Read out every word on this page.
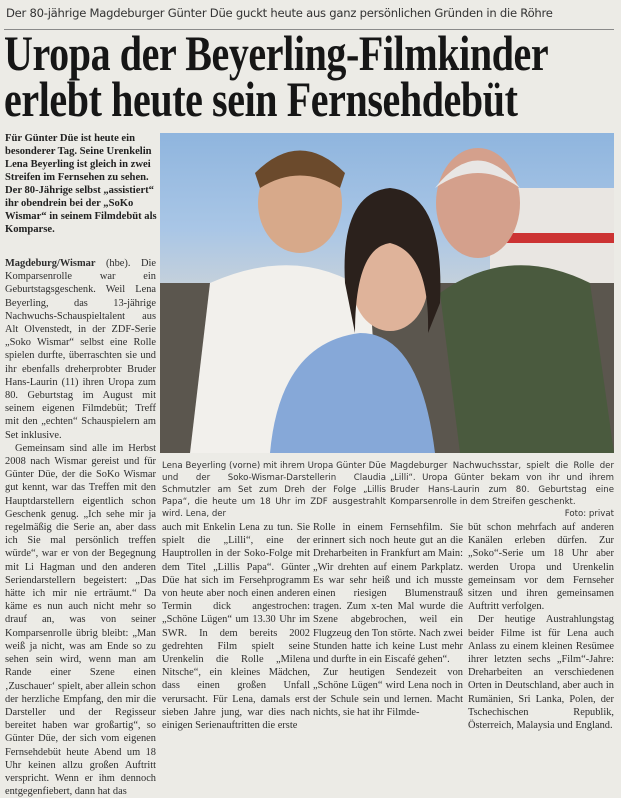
Der 80-jährige Magdeburger Günter Düe guckt heute aus ganz persönlichen Gründen in die Röhre
Uropa der Beyerling-Filmkinder
erlebt heute sein Fernsehdebüt
Für Günter Düe ist heute ein besonderer Tag. Seine Urenkelin Lena Beyerling ist gleich in zwei Streifen im Fernsehen zu sehen. Der 80-Jährige selbst „assistiert“ ihr obendrein bei der „SoKo Wismar“ in seinem Filmdebüt als Komparse.

Magdeburg/Wismar (hbe). Die Komparsenrolle war ein Geburtstagsgeschenk. Weil Lena Beyerling, das 13-jährige Nachwuchs-Schauspieltalent aus Alt Olvenstedt, in der ZDF-Serie „Soko Wismar“ selbst eine Rolle spielen durfte, überraschten sie und ihr ebenfalls dreherprobter Bruder Hans-Laurin (11) ihren Uropa zum 80. Geburtstag im August mit seinem eigenen Filmdebüt; Treff mit den „echten“ Schauspielern am Set inklusive.

Gemeinsam sind alle im Herbst 2008 nach Wismar gereist und für Günter Düe, der die SoKo Wismar gut kennt, war das Treffen mit den Hauptdarstellern eigentlich schon Geschenk genug. „Ich sehe mir ja regelmäßig die Serie an, aber dass ich Sie mal persönlich treffen würde“, war er von der Begegnung mit Li Hagman und den anderen Seriendarstellern begeistert: „Das hätte ich mir nie erträumt.“ Da käme es nun auch nicht mehr so drauf an, was von seiner Komparsenrolle übrig bleibt: „Man weiß ja nicht, was am Ende so zu sehen sein wird, wenn man am Rande einer Szene einen ‚Zuschauer‘ spielt, aber allein schon der herzliche Empfang, den mir die Darsteller und der Regisseur bereitet haben war großartig“, so Günter Düe, der sich vom eigenen Fernsehdebüt heute Abend um 18 Uhr keinen allzu großen Auftritt verspricht. Wenn er ihm dennoch entgegenfiebert, dann hat das

Lena Beyerling (vorne) mit ihrem Uropa Günter Düe und der Soko-Wismar-Darstellerin Claudia Schmutzler am Set zum Dreh der Folge „Lillis Papa“, die heute um 18 Uhr im ZDF ausgestrahlt wird. Lena, der
Magdeburger Nachwuchsstar, spielt die Rolle der „Lilli“. Uropa Günter bekam von ihr und ihrem Bruder Hans-Laurin zum 80. Geburtstag eine Komparsenrolle in dem Streifen geschenkt.
Foto: privat

auch mit Enkelin Lena zu tun. Sie spielt die „Lilli“, eine der Hauptrollen in der Soko-Folge mit dem Titel „Lillis Papa“. Günter Düe hat sich im Fersehprogramm von heute aber noch einen anderen Termin dick angestrochen: „Schöne Lügen“ um 13.30 Uhr im SWR. In dem bereits 2002 gedrehten Film spielt seine Urenkelin die Rolle „Milena Nitsche“, ein kleines Mädchen, dass einen großen Unfall verursacht. Für Lena, damals erst sieben Jahre jung, war dies nach einigen Serienauftritten die erste

Rolle in einem Fernsehfilm. Sie erinnert sich noch heute gut an die Dreharbeiten in Frankfurt am Main: „Wir drehten auf einem Parkplatz. Es war sehr heiß und ich musste einen riesigen Blumenstrauß tragen. Zum x-ten Mal wurde die Szene abgebrochen, weil ein Flugzeug den Ton störte. Nach zwei Stunden hatte ich keine Lust mehr und durfte in ein Eiscafé gehen“.

Zur heutigen Sendezeit von „Schöne Lügen“ wird Lena noch in der Schule sein und lernen. Macht nichts, sie hat ihr Filmde-

büt schon mehrfach auf anderen Kanälen erleben dürfen. Zur „Soko“-Serie um 18 Uhr aber werden Uropa und Urenkelin gemeinsam vor dem Fernseher sitzen und ihren gemeinsamen Auftritt verfolgen.

Der heutige Austrahlungstag beider Filme ist für Lena auch Anlass zu einem kleinen Resümee ihrer letzten sechs „Film“-Jahre: Dreharbeiten an verschiedenen Orten in Deutschland, aber auch in Rumänien, Sri Lanka, Polen, der Tschechischen Republik, Österreich, Malaysia und England.
